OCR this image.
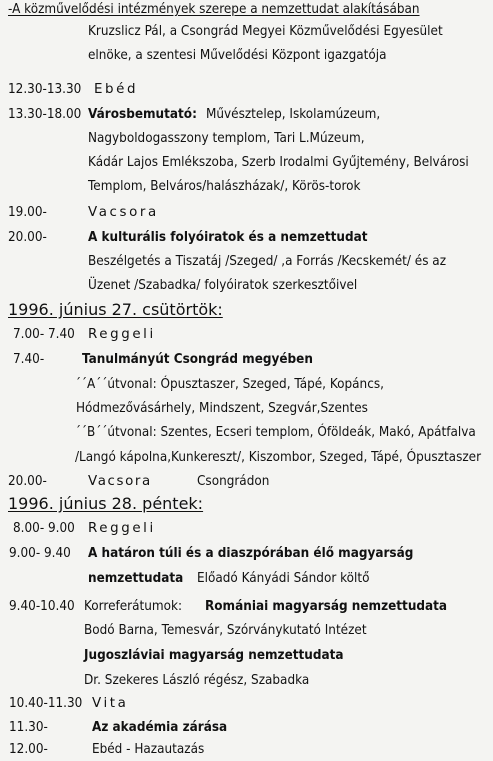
-A közművelődési intézmények szerepe a nemzettudat alakításában
Kruzslicz Pál, a Csongrád Megyei Közművelődési Egyesület
elnöke, a szentesi Művelődési Központ igazgatója
12.30-13.30 Ebéd
13.30-18.00 Városbemutató: Művésztelep, Iskolamúzeum,
Nagyboldogasszony templom, Tari L.Múzeum,
Kádár Lajos Emlékszoba, Szerb Irodalmi Gyűjtemény, Belvárosi
Templom, Belváros/halászházak/, Körös-torok
19.00-	Vacsora
20.00-	A kulturális folyóiratok és a nemzettudat
Beszélgetés a Tiszatáj /Szeged/ ,a Forrás /Kecskemét/ és az
Üzenet /Szabadka/ folyóiratok szerkesztőivel
1996. június 27. csütörtök:
7.00- 7.40 Reggeli
7.40-	Tanulmányút Csongrád megyében
´´A´´útvonal: Ópusztaszer, Szeged, Tápé, Kopáncs,
Hódmezővásárhely, Mindszent, Szegvár,Szentes
´´B´´útvonal: Szentes, Ecseri templom, Óföldeák, Makó, Apátfalva
/Langó kápolna,Kunkereszt/, Kiszombor, Szeged, Tápé, Ópusztaszer
20.00-	Vacsora	Csongrádon
1996. június 28. péntek:
8.00- 9.00 Reggeli
9.00- 9.40 A határon túli és a diaszpórában élő magyarság
nemzettudata Előadó Kányádi Sándor költő
9.40-10.40 Korreferátumok: Romániai magyarság nemzettudata
Bodó Barna, Temesvár, Szórványkutató Intézet
Jugoszláviai magyarság nemzettudata
Dr. Szekeres László régész, Szabadka
10.40-11.30 Vita
11.30-	Az akadémia zárása
12.00-	Ebéd - Hazautazás
